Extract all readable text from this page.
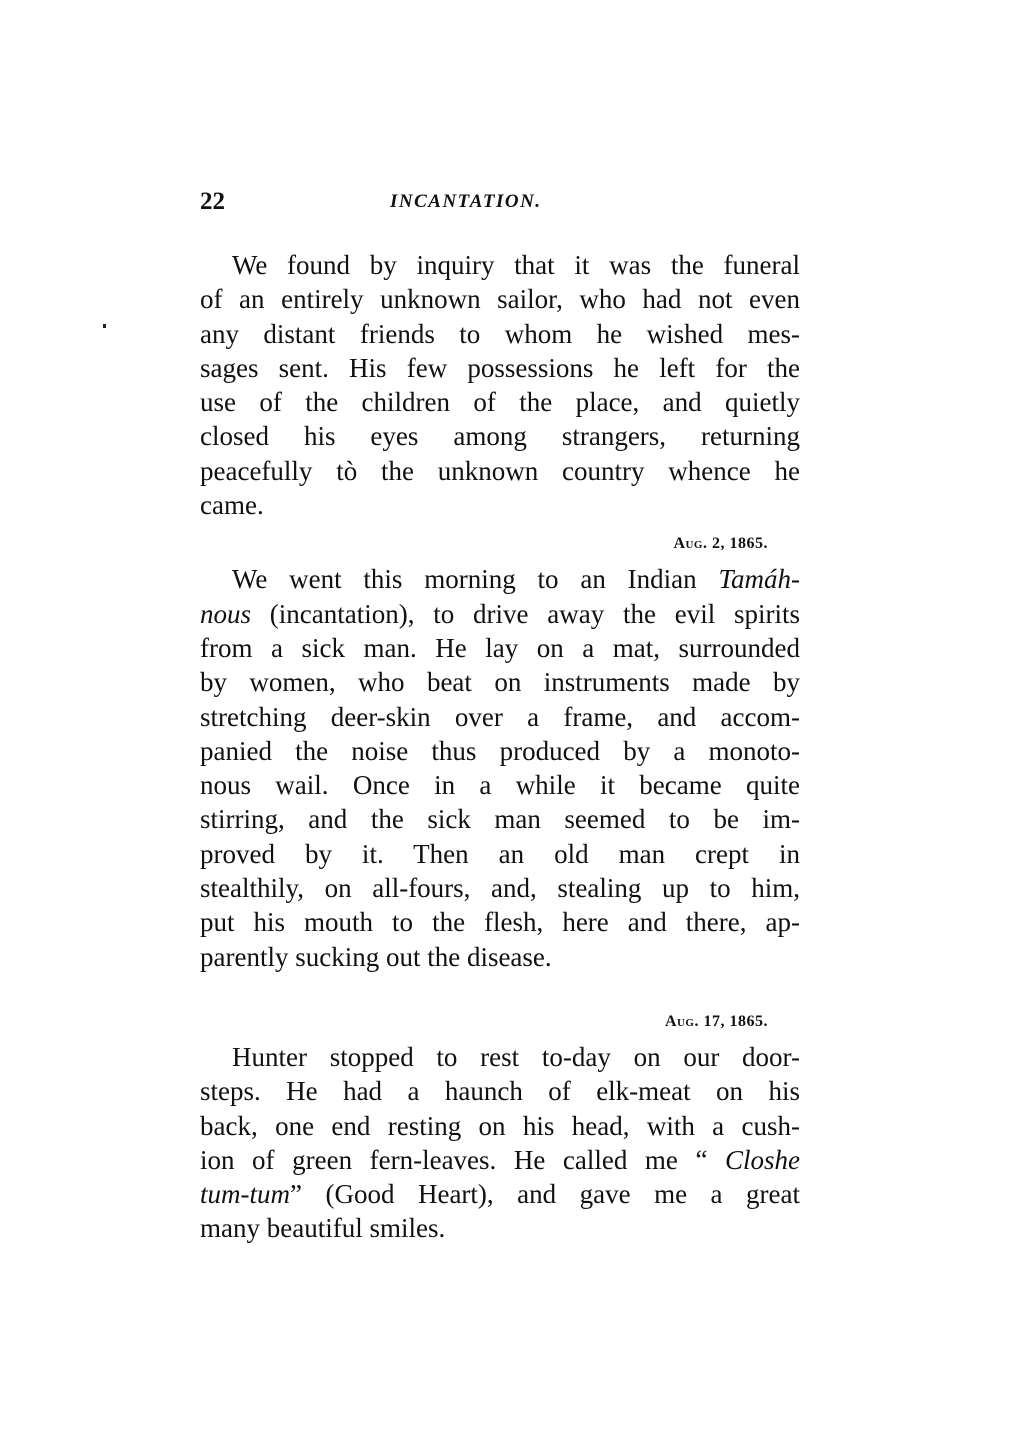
22	INCANTATION.
We found by inquiry that it was the funeral
of an entirely unknown sailor, who had not even
any distant friends to whom he wished mes-
sages sent. His few possessions he left for the
use of the children of the place, and quietly
closed his eyes among strangers, returning
peacefully tò the unknown country whence he
came.
Aug. 2, 1865.
We went this morning to an Indian Tamáh-
nous (incantation), to drive away the evil spirits
from a sick man. He lay on a mat, surrounded
by women, who beat on instruments made by
stretching deer-skin over a frame, and accom-
panied the noise thus produced by a monoto-
nous wail. Once in a while it became quite
stirring, and the sick man seemed to be im-
proved by it. Then an old man crept in
stealthily, on all-fours, and, stealing up to him,
put his mouth to the flesh, here and there, ap-
parently sucking out the disease.
Aug. 17, 1865.
Hunter stopped to rest to-day on our door-
steps. He had a haunch of elk-meat on his
back, one end resting on his head, with a cush-
ion of green fern-leaves. He called me “ Closhe
tum-tum” (Good Heart), and gave me a great
many beautiful smiles.
